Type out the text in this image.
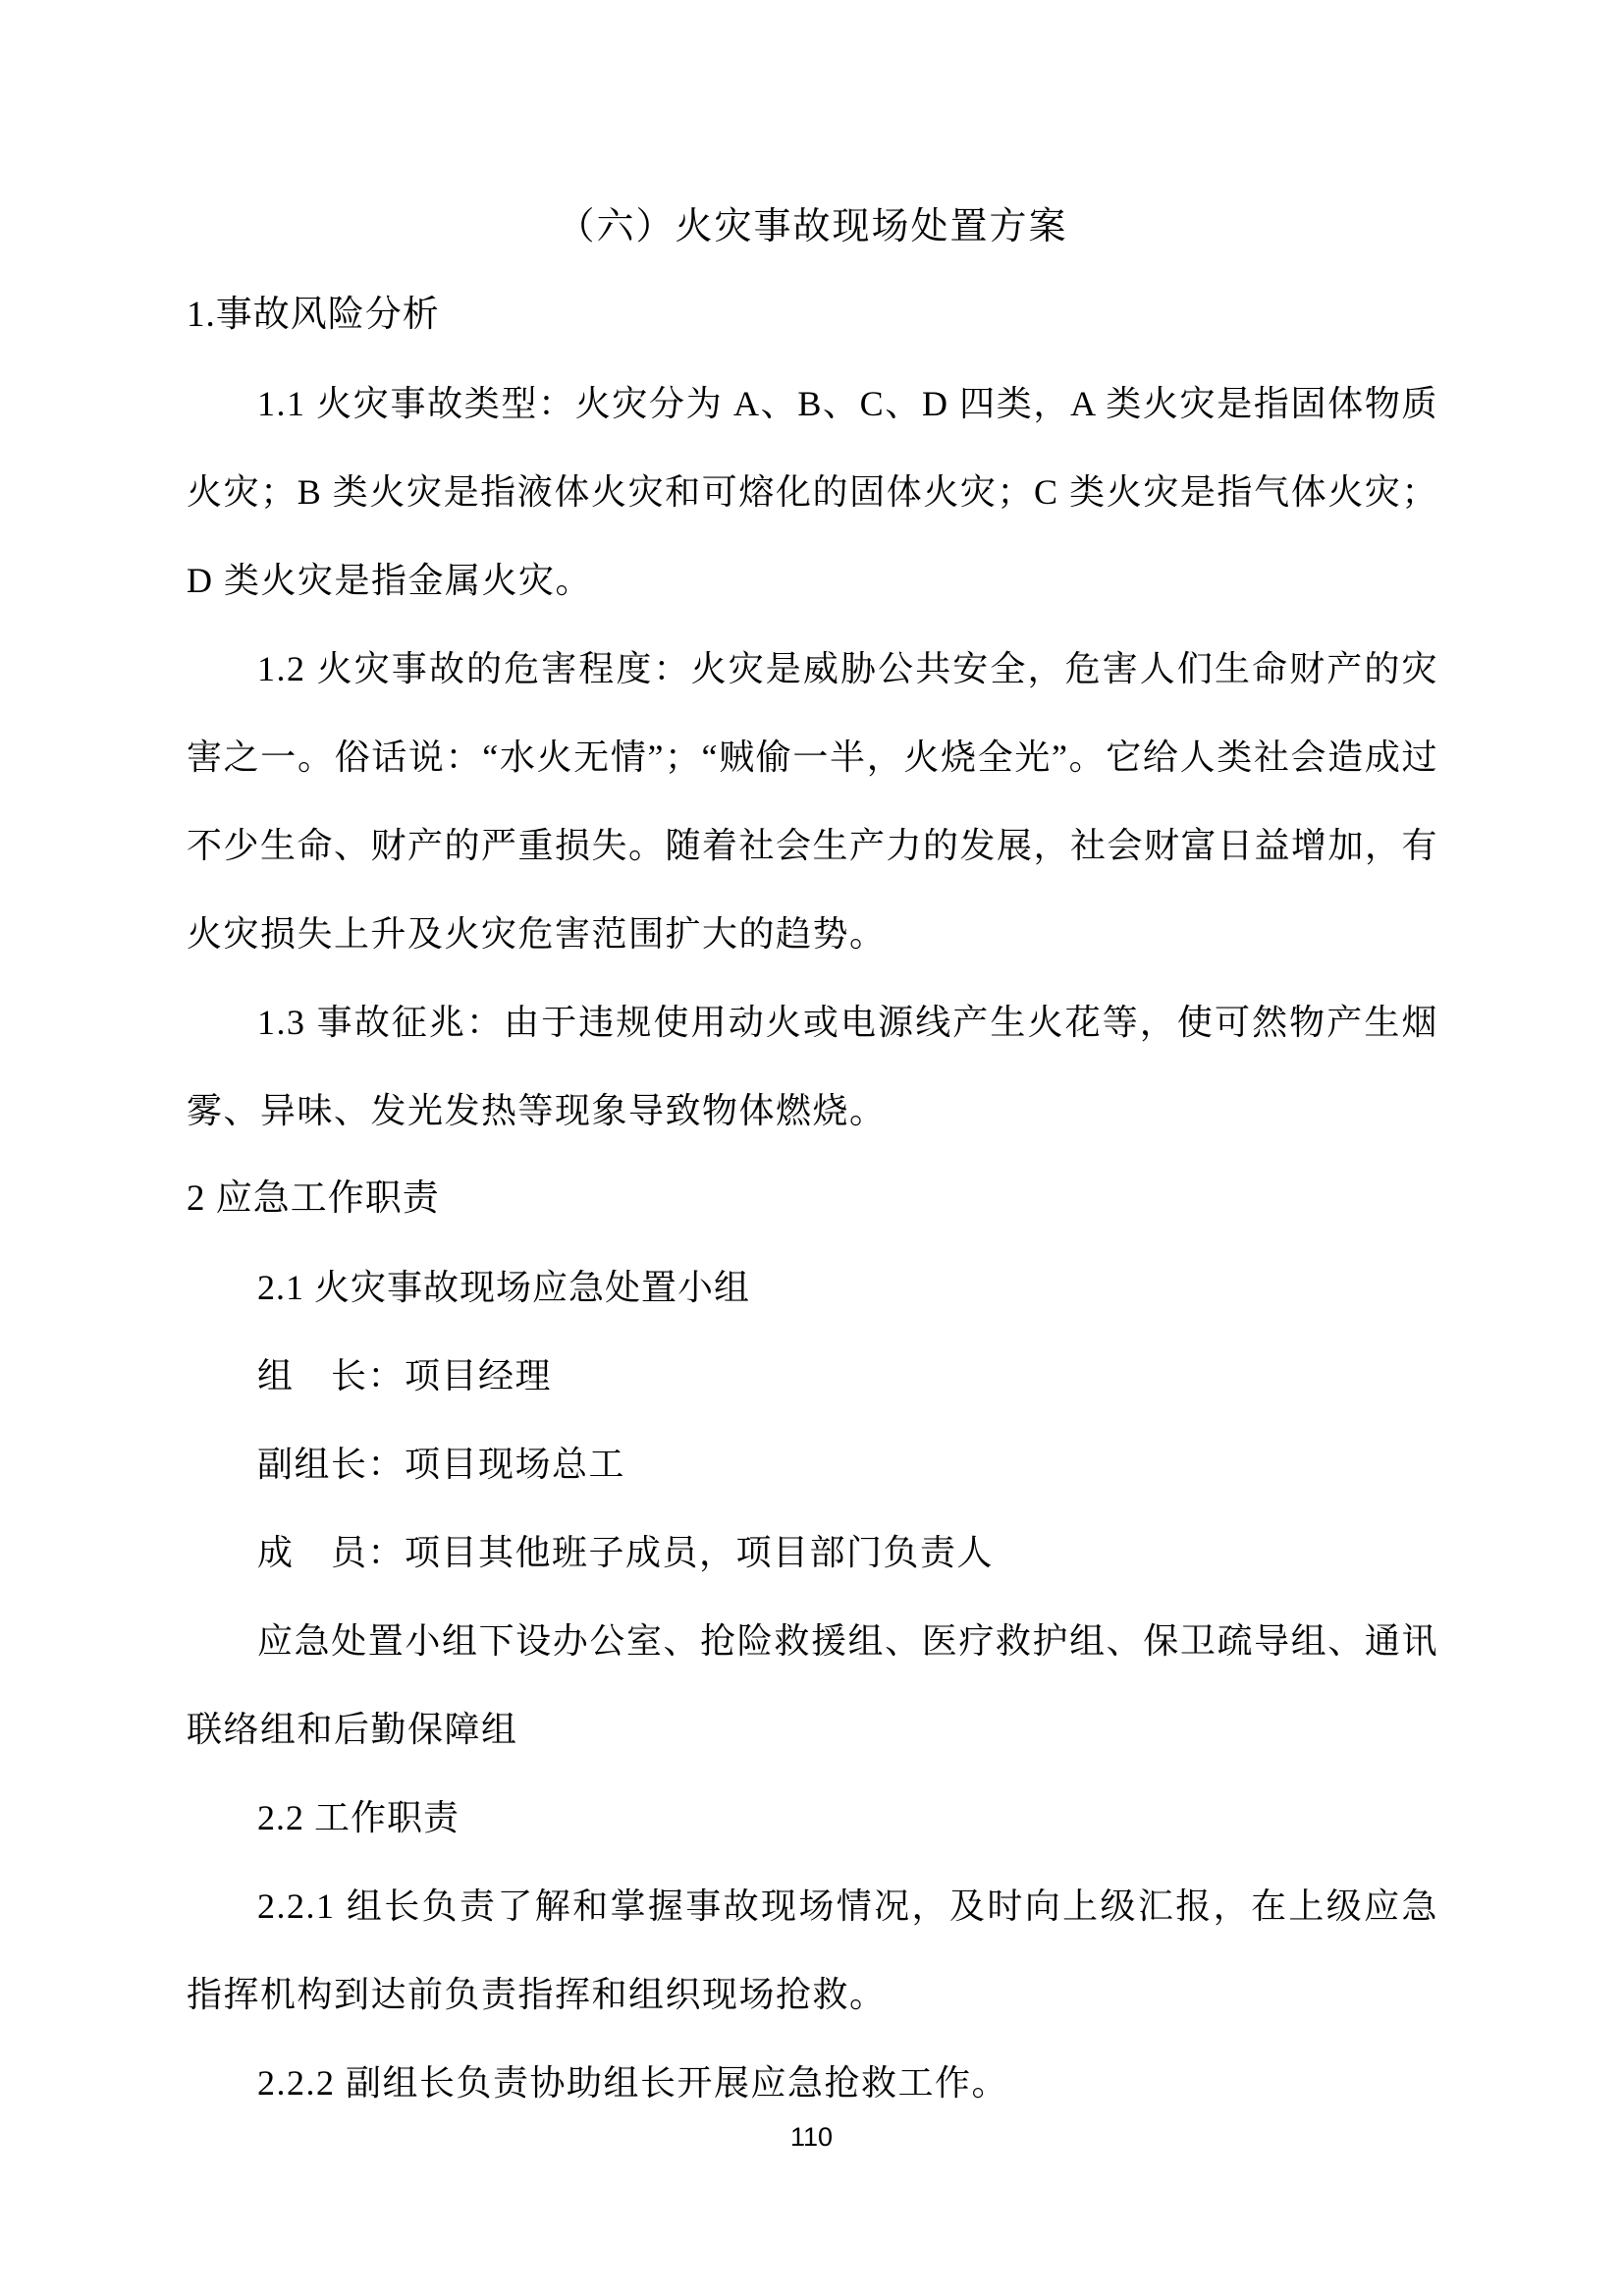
（六）火灾事故现场处置方案
1.事故风险分析

1.1 火灾事故类型：火灾分为 A、B、C、D 四类，A 类火灾是指固体物质火灾；B 类火灾是指液体火灾和可熔化的固体火灾；C 类火灾是指气体火灾；D 类火灾是指金属火灾。

1.2 火灾事故的危害程度：火灾是威胁公共安全，危害人们生命财产的灾害之一。俗话说：“水火无情”；“贼偷一半，火烧全光”。它给人类社会造成过不少生命、财产的严重损失。随着社会生产力的发展，社会财富日益增加，有火灾损失上升及火灾危害范围扩大的趋势。

1.3 事故征兆：由于违规使用动火或电源线产生火花等，使可然物产生烟雾、异味、发光发热等现象导致物体燃烧。

2 应急工作职责
2.1 火灾事故现场应急处置小组

组　长：项目经理

副组长：项目现场总工

成　员：项目其他班子成员，项目部门负责人

应急处置小组下设办公室、抢险救援组、医疗救护组、保卫疏导组、通讯联络组和后勤保障组

2.2 工作职责

2.2.1 组长负责了解和掌握事故现场情况，及时向上级汇报，在上级应急指挥机构到达前负责指挥和组织现场抢救。

2.2.2 副组长负责协助组长开展应急抢救工作。

110
